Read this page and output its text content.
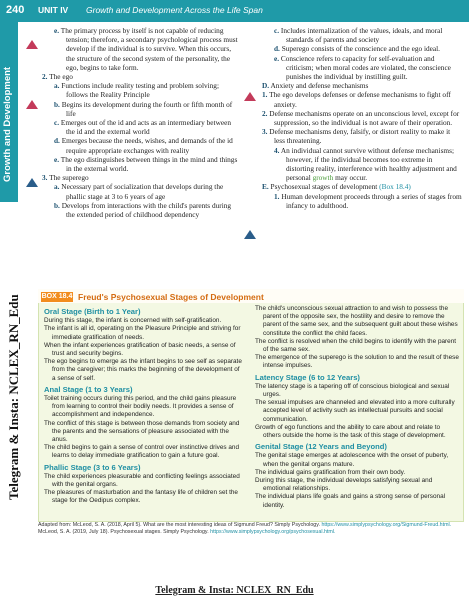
240 UNIT IV Growth and Development Across the Life Span
Growth and Development
Telegram & Insta: NCLEX_RN_Edu

e. The primary process by itself is not capable of reducing tension; therefore, a secondary psychological process must develop if the individual is to survive. When this occurs, the structure of the second system of the personality, the ego, begins to take form.

2. The ego

a. Functions include reality testing and problem solving; follows the Reality Principle

b. Begins its development during the fourth or fifth month of life

c. Emerges out of the id and acts as an intermediary between the id and the external world

d. Emerges because the needs, wishes, and demands of the id require appropriate exchanges with reality

e. The ego distinguishes between things in the mind and things in the external world.

3. The superego

a. Necessary part of socialization that develops during the phallic stage at 3 to 6 years of age

b. Develops from interactions with the child's parents during the extended period of childhood dependency

c. Includes internalization of the values, ideals, and moral standards of parents and society

d. Superego consists of the conscience and the ego ideal.

e. Conscience refers to capacity for self-evaluation and criticism; when moral codes are violated, the conscience punishes the individual by instilling guilt.

D. Anxiety and defense mechanisms

1. The ego develops defenses or defense mechanisms to fight off anxiety.

2. Defense mechanisms operate on an unconscious level, except for suppression, so the individual is not aware of their operation.

3. Defense mechanisms deny, falsify, or distort reality to make it less threatening.

4. An individual cannot survive without defense mechanisms; however, if the individual becomes too extreme in distorting reality, interference with healthy adjustment and personal growth may occur.

E. Psychosexual stages of development (Box 18.4)

1. Human development proceeds through a series of stages from infancy to adulthood.

BOX 18.4 Freud's Psychosexual Stages of Development

Oral Stage (Birth to 1 Year)

During this stage, the infant is concerned with self-gratification.

The infant is all id, operating on the Pleasure Principle and striving for immediate gratification of needs.

When the infant experiences gratification of basic needs, a sense of trust and security begins.

The ego begins to emerge as the infant begins to see self as separate from the caregiver; this marks the beginning of the development of a sense of self.

Anal Stage (1 to 3 Years)

Toilet training occurs during this period, and the child gains pleasure from learning to control their bodily needs. It provides a sense of accomplishment and independence.

The conflict of this stage is between those demands from society and the parents and the sensations of pleasure associated with the anus.

The child begins to gain a sense of control over instinctive drives and learns to delay immediate gratification to gain a future goal.

Phallic Stage (3 to 6 Years)

The child experiences pleasurable and conflicting feelings associated with the genital organs.

The pleasures of masturbation and the fantasy life of children set the stage for the Oedipus complex.

The child's unconscious sexual attraction to and wish to possess the parent of the opposite sex, the hostility and desire to remove the parent of the same sex, and the subsequent guilt about these wishes constitute the conflict the child faces.

The conflict is resolved when the child begins to identify with the parent of the same sex.

The emergence of the superego is the solution to and the result of these intense impulses.

Latency Stage (6 to 12 Years)

The latency stage is a tapering off of conscious biological and sexual urges.

The sexual impulses are channeled and elevated into a more culturally accepted level of activity such as intellectual pursuits and social communication.

Growth of ego functions and the ability to care about and relate to others outside the home is the task of this stage of development.

Genital Stage (12 Years and Beyond)

The genital stage emerges at adolescence with the onset of puberty, when the genital organs mature.

The individual gains gratification from their own body.

During this stage, the individual develops satisfying sexual and emotional relationships.

The individual plans life goals and gains a strong sense of personal identity.

Adapted from: McLeod, S. A. (2018, April 5). What are the most interesting ideas of Sigmund Freud? Simply Psychology. https://www.simplypsychology.org/Sigmund-Freud.html.
McLeod, S. A. (2019, July 18). Psychosexual stages. Simply Psychology. https://www.simplypsychology.org/psychosexual.html.
Telegram & Insta: NCLEX_RN_Edu
